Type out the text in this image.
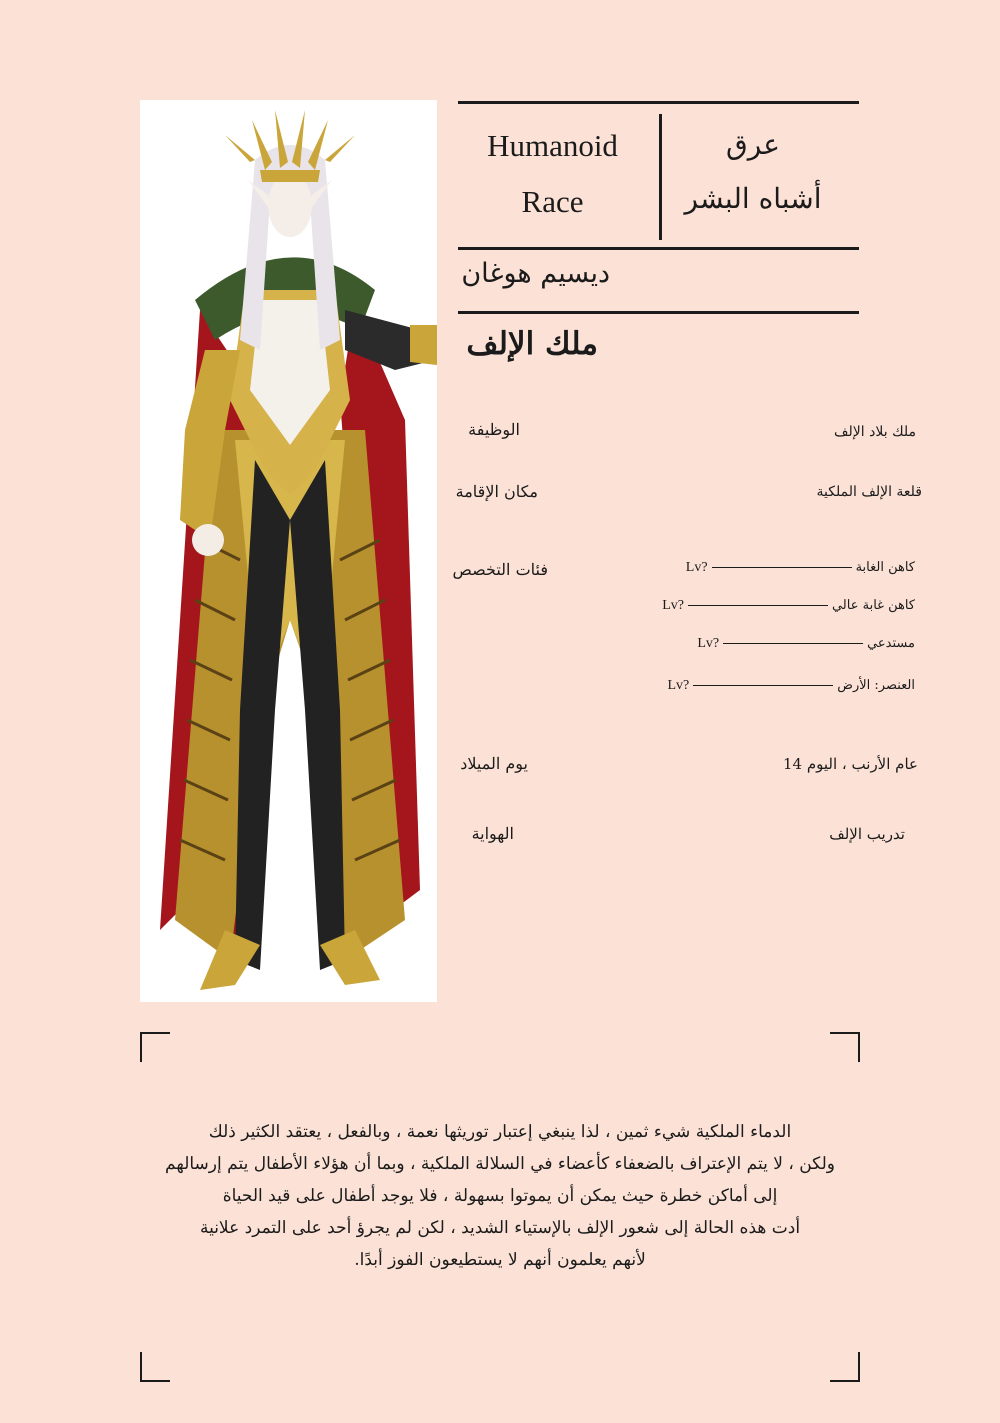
Humanoid
Race
عرق
أشباه البشر
ديسيم هوغان
ملك الإلف
الوظيفة	ملك بلاد الإلف
مكان الإقامة	قلعة الإلف الملكية
فئات التخصص	Lv?	كاهن الغابة
Lv?	كاهن غابة عالي
Lv?	مستدعي
Lv?	العنصر: الأرض
يوم الميلاد	عام الأرنب ، اليوم 14
الهواية	تدريب الإلف
الدماء الملكية شيء ثمين ، لذا ينبغي إعتبار توريثها نعمة ، وبالفعل ، يعتقد الكثير ذلك
ولكن ، لا يتم الإعتراف بالضعفاء كأعضاء في السلالة الملكية ، وبما أن هؤلاء الأطفال يتم إرسالهم
إلى أماكن خطرة حيث يمكن أن يموتوا بسهولة ، فلا يوجد أطفال على قيد الحياة
أدت هذه الحالة إلى شعور الإلف بالإستياء الشديد ، لكن لم يجرؤ أحد على التمرد علانية
لأنهم يعلمون أنهم لا يستطيعون الفوز أبدًا.
